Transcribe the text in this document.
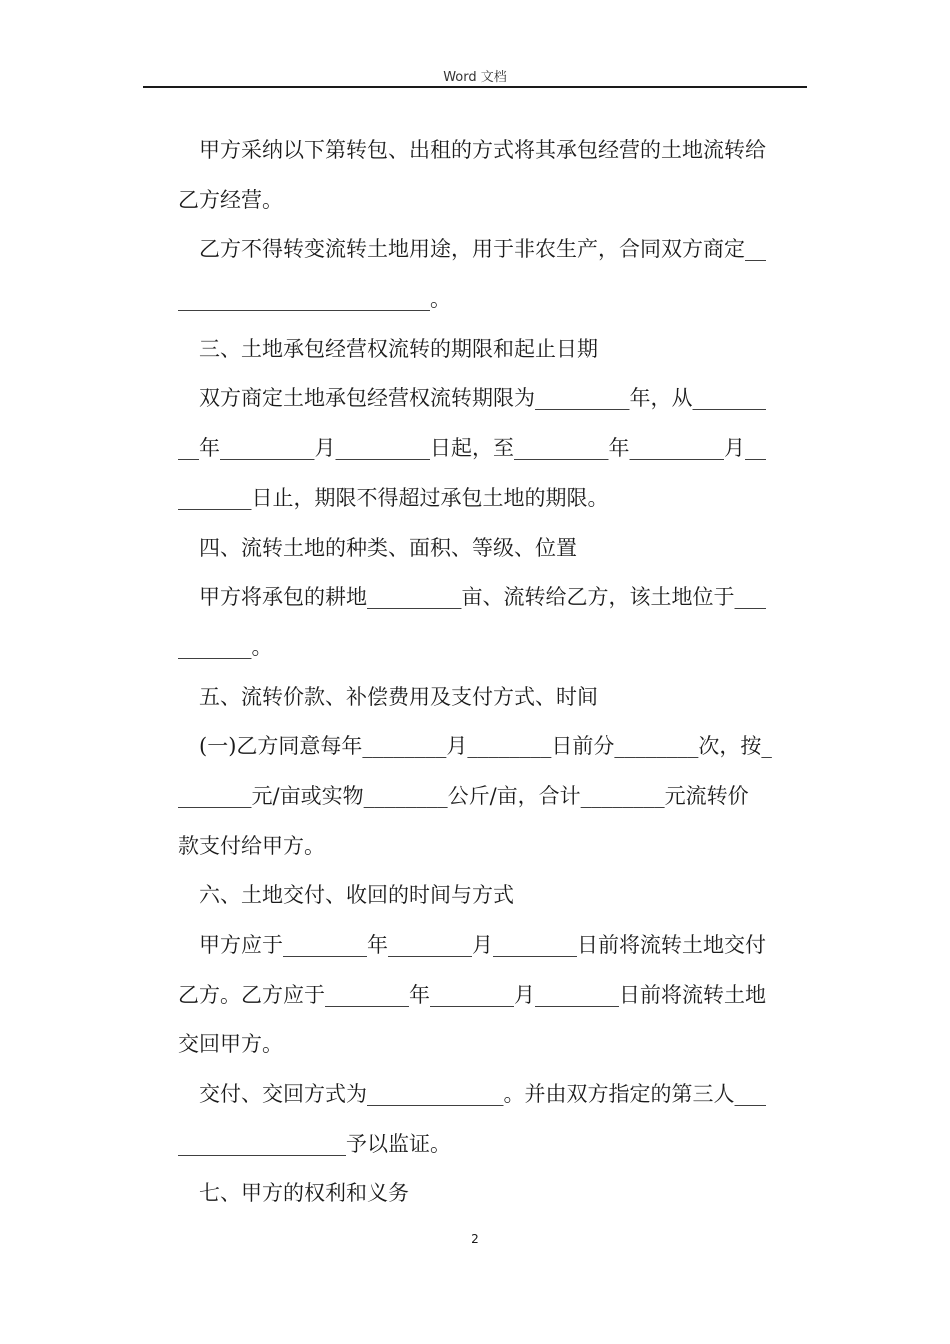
Word 文档
甲方采纳以下第转包、出租的方式将其承包经营的土地流转给
乙方经营。
乙方不得转变流转土地用途，用于非农生产，合同双方商定__
________________________。
三、土地承包经营权流转的期限和起止日期
双方商定土地承包经营权流转期限为_________年，从_______
__年_________月_________日起，至_________年_________月__
_______日止，期限不得超过承包土地的期限。
四、流转土地的种类、面积、等级、位置
甲方将承包的耕地_________亩、流转给乙方，该土地位于___
_______。
五、流转价款、补偿费用及支付方式、时间
(一)乙方同意每年________月________日前分________次，按_
_______元/亩或实物________公斤/亩，合计________元流转价
款支付给甲方。
六、土地交付、收回的时间与方式
甲方应于________年________月________日前将流转土地交付
乙方。乙方应于________年________月________日前将流转土地
交回甲方。
交付、交回方式为_____________。并由双方指定的第三人___
________________予以监证。
七、甲方的权利和义务
2
